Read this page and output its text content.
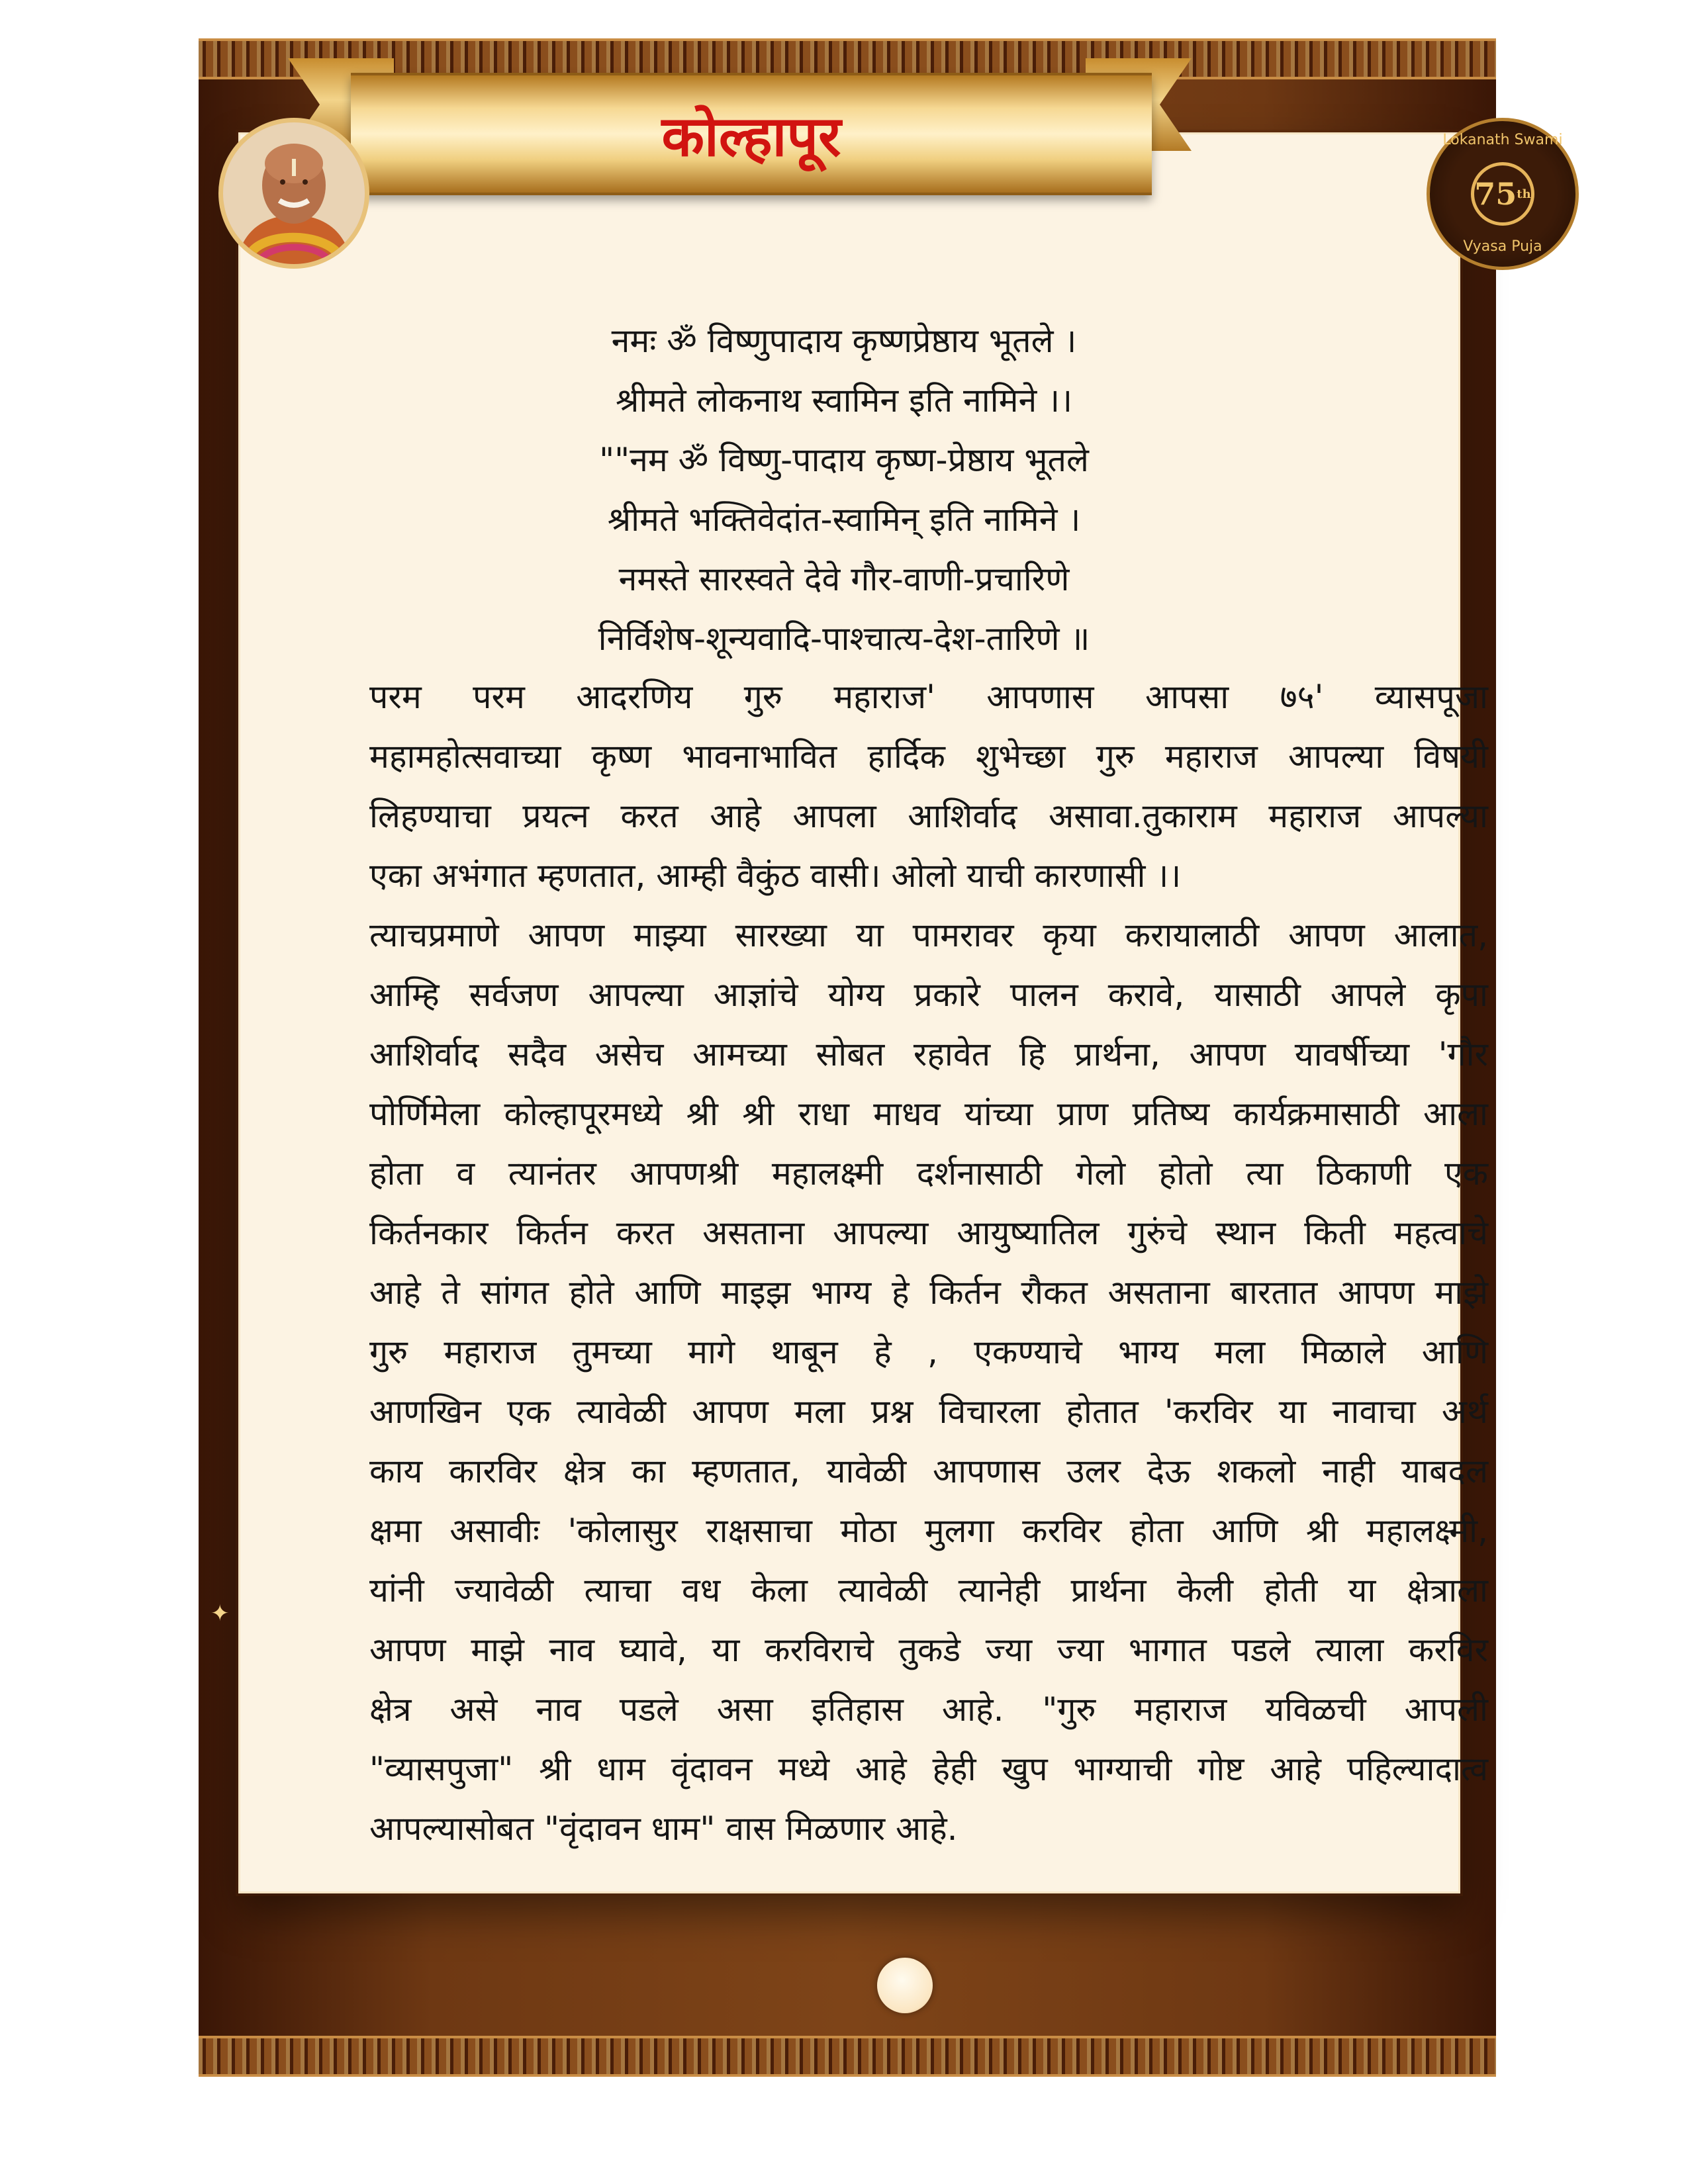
कोल्हापूर	Lokanath Swami
75 th
Vyasa Puja
✦
नमः ॐ विष्णुपादाय कृष्णप्रेष्ठाय भूतले ।
श्रीमते लोकनाथ स्वामिन इति नामिने ।।
""नम ॐ विष्णु-पादाय कृष्ण-प्रेष्ठाय भूतले
श्रीमते भक्तिवेदांत-स्वामिन् इति नामिने ।
नमस्ते सारस्वते देवे गौर-वाणी-प्रचारिणे
निर्विशेष-शून्यवादि-पाश्चात्य-देश-तारिणे ॥
परम परम आदरणिय गुरु महाराज' आपणास आपसा ७५' व्यासपूजा
महामहोत्सवाच्या कृष्ण भावनाभावित हार्दिक शुभेच्छा गुरु महाराज आपल्या विषयी
लिहण्याचा प्रयत्न करत आहे आपला आशिर्वाद असावा.तुकाराम महाराज आपल्या
एका अभंगात म्हणतात, आम्ही वैकुंठ वासी। ओलो याची कारणासी ।।
त्याचप्रमाणे आपण माझ्या सारख्या या पामरावर कृया करायालाठी आपण आलात,
आम्हि सर्वजण आपल्या आज्ञांचे योग्य प्रकारे पालन करावे, यासाठी आपले कृपा
आशिर्वाद सदैव असेच आमच्या सोबत रहावेत हि प्रार्थना, आपण यावर्षीच्या 'गौर
पोर्णिमेला कोल्हापूरमध्ये श्री श्री राधा माधव यांच्या प्राण प्रतिष्य कार्यक्रमासाठी आला
होता व त्यानंतर आपणश्री महालक्ष्मी दर्शनासाठी गेलो होतो त्या ठिकाणी एक
किर्तनकार किर्तन करत असताना आपल्या आयुष्यातिल गुरुंचे स्थान किती महत्वाचे
आहे ते सांगत होते आणि माइझ भाग्य हे किर्तन रौकत असताना बारतात आपण माझे
गुरु महाराज तुमच्या मागे थाबून हे , एकण्याचे भाग्य मला मिळाले आणि
आणखिन एक त्यावेळी आपण मला प्रश्न विचारला होतात 'करविर या नावाचा अर्थ
काय कारविर क्षेत्र का म्हणतात, यावेळी आपणास उलर देऊ शकलो नाही याबदल
क्षमा असावीः 'कोलासुर राक्षसाचा मोठा मुलगा करविर होता आणि श्री महालक्ष्मी,
यांनी ज्यावेळी त्याचा वध केला त्यावेळी त्यानेही प्रार्थना केली होती या क्षेत्राला
आपण माझे नाव घ्यावे, या करविराचे तुकडे ज्या ज्या भागात पडले त्याला करविर
क्षेत्र असे नाव पडले असा इतिहास आहे. "गुरु महाराज यविळची आपली
"व्यासपुजा" श्री धाम वृंदावन मध्ये आहे हेही खुप भाग्याची गोष्ट आहे पहिल्यादात्व
आपल्यासोबत "वृंदावन धाम" वास मिळणार आहे.
